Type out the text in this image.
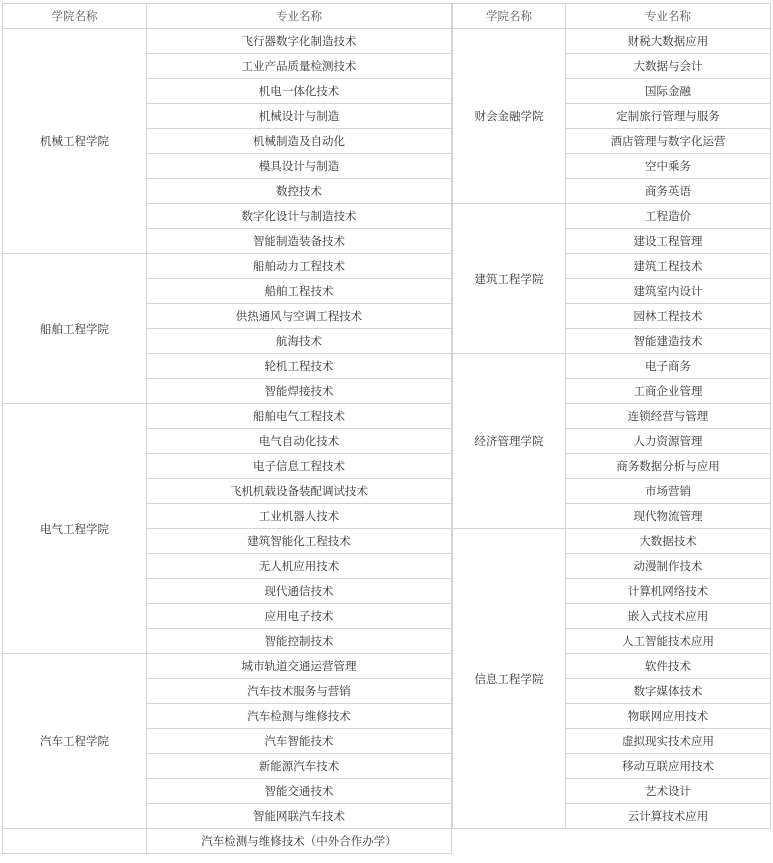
学院名称	专业名称
机械工程学院	飞行器数字化制造技术
	工业产品质量检测技术
	机电一体化技术
	机械设计与制造
	机械制造及自动化
	模具设计与制造
	数控技术
	数字化设计与制造技术
	智能制造装备技术
船舶工程学院	船舶动力工程技术
	船舶工程技术
	供热通风与空调工程技术
	航海技术
	轮机工程技术
	智能焊接技术
电气工程学院	船舶电气工程技术
	电气自动化技术
	电子信息工程技术
	飞机机载设备装配调试技术
	工业机器人技术
	建筑智能化工程技术
	无人机应用技术
	现代通信技术
	应用电子技术
	智能控制技术
汽车工程学院	城市轨道交通运营管理
	汽车技术服务与营销
	汽车检测与维修技术
	汽车智能技术
	新能源汽车技术
	智能交通技术
	智能网联汽车技术
	汽车检测与维修技术（中外合作办学）
学院名称	专业名称
财会金融学院	财税大数据应用
	大数据与会计
	国际金融
	定制旅行管理与服务
	酒店管理与数字化运营
	空中乘务
	商务英语
建筑工程学院	工程造价
	建设工程管理
	建筑工程技术
	建筑室内设计
	园林工程技术
	智能建造技术
经济管理学院	电子商务
	工商企业管理
	连锁经营与管理
	人力资源管理
	商务数据分析与应用
	市场营销
	现代物流管理
信息工程学院	大数据技术
	动漫制作技术
	计算机网络技术
	嵌入式技术应用
	人工智能技术应用
	软件技术
	数字媒体技术
	物联网应用技术
	虚拟现实技术应用
	移动互联应用技术
	艺术设计
	云计算技术应用
